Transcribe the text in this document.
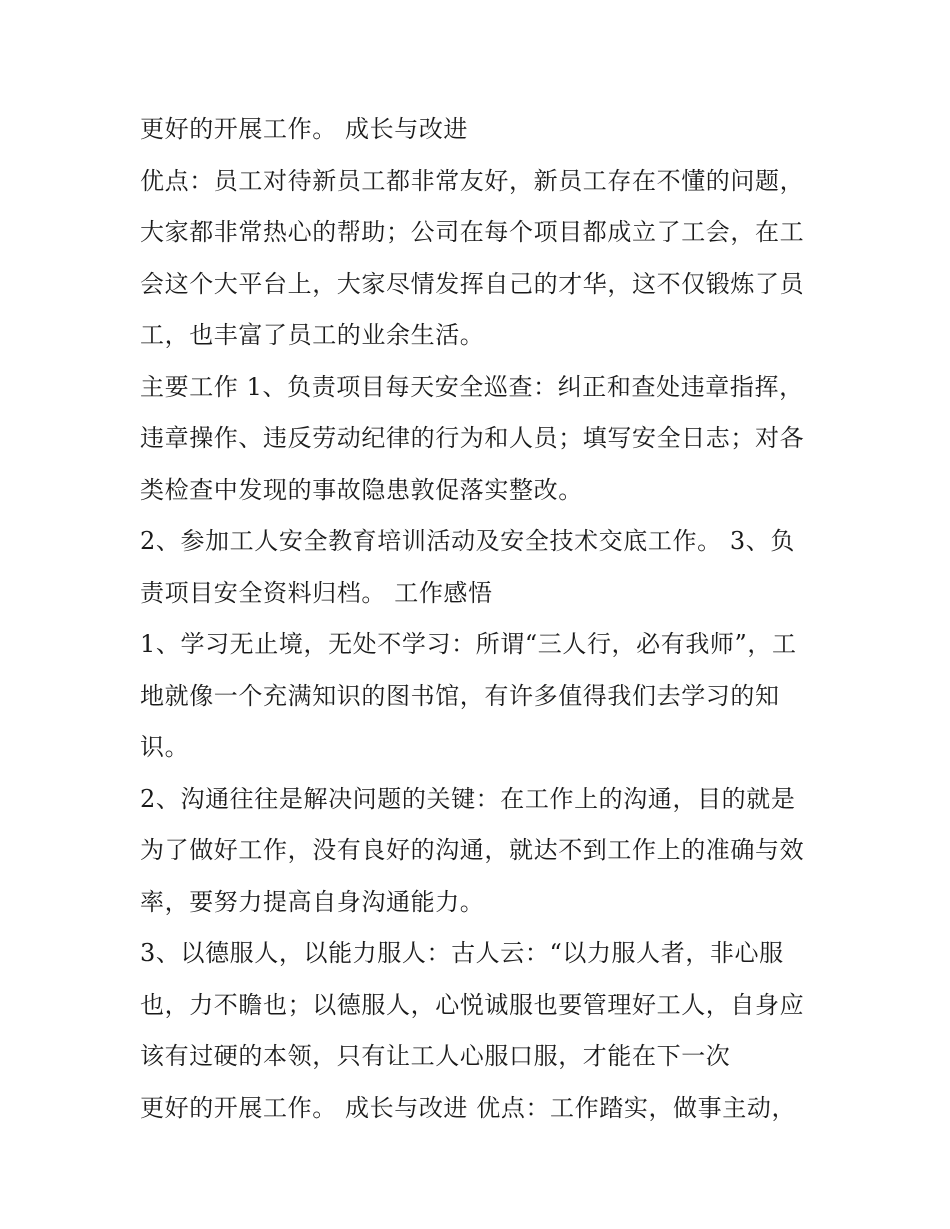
更好的开展工作。 成长与改进
优点：员工对待新员工都非常友好，新员工存在不懂的问题，
大家都非常热心的帮助；公司在每个项目都成立了工会，在工
会这个大平台上，大家尽情发挥自己的才华，这不仅锻炼了员
工，也丰富了员工的业余生活。
主要工作 1、负责项目每天安全巡查：纠正和查处违章指挥，
违章操作、违反劳动纪律的行为和人员；填写安全日志；对各
类检查中发现的事故隐患敦促落实整改。
2、参加工人安全教育培训活动及安全技术交底工作。 3、负
责项目安全资料归档。 工作感悟
1、学习无止境，无处不学习：所谓“三人行，必有我师”，工
地就像一个充满知识的图书馆，有许多值得我们去学习的知
识。
2、沟通往往是解决问题的关键：在工作上的沟通，目的就是
为了做好工作，没有良好的沟通，就达不到工作上的准确与效
率，要努力提高自身沟通能力。
3、以德服人，以能力服人：古人云：“以力服人者，非心服
也，力不瞻也；以德服人，心悦诚服也要管理好工人，自身应
该有过硬的本领，只有让工人心服口服，才能在下一次
更好的开展工作。 成长与改进 优点：工作踏实，做事主动，
